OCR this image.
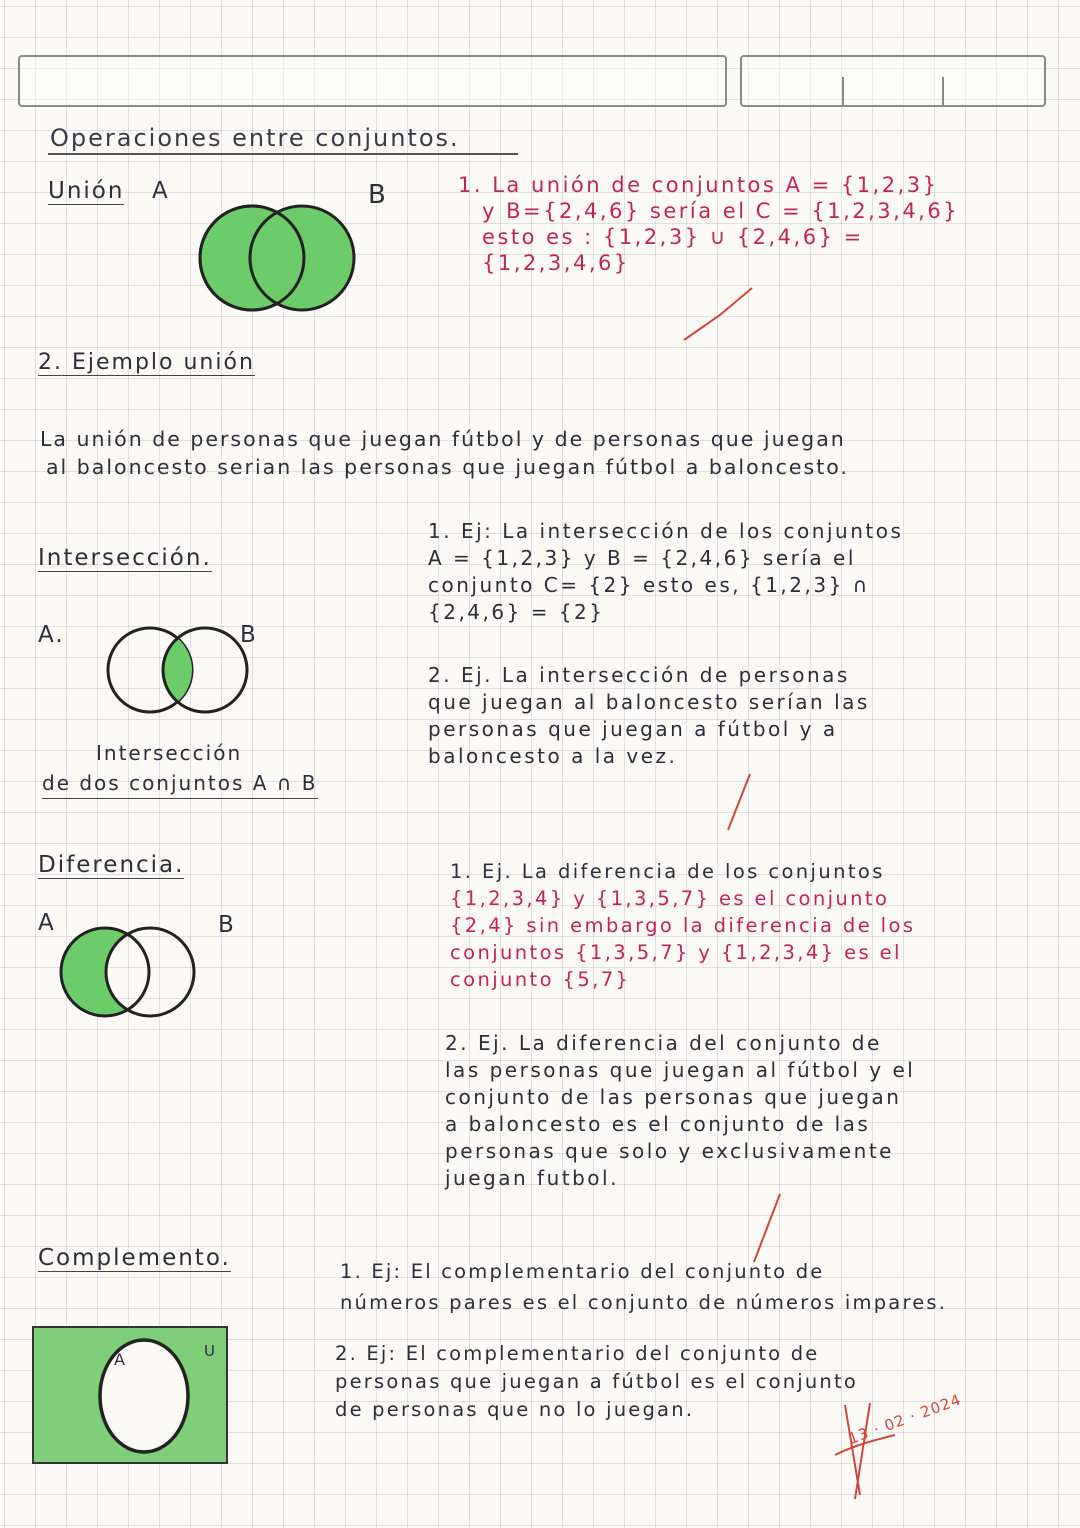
Operaciones entre conjuntos.
Unión A	B	1. La unión de conjuntos A = {1,2,3}
y B={2,4,6} sería el C = {1,2,3,4,6}
esto es : {1,2,3} ∪ {2,4,6} =
{1,2,3,4,6}
2. Ejemplo unión
La unión de personas que juegan fútbol y de personas que juegan
al baloncesto serian las personas que juegan fútbol a baloncesto.
Intersección.
A.	B
Intersección
de dos conjuntos A ∩ B
1. Ej: La intersección de los conjuntos
A = {1,2,3} y B = {2,4,6} sería el
conjunto C= {2} esto es, {1,2,3} ∩
{2,4,6} = {2}
2. Ej. La intersección de personas
que juegan al baloncesto serían las
personas que juegan a fútbol y a
baloncesto a la vez.
Diferencia.
A	B
1. Ej. La diferencia de los conjuntos
{1,2,3,4} y {1,3,5,7} es el conjunto
{2,4} sin embargo la diferencia de los
conjuntos {1,3,5,7} y {1,2,3,4} es el
conjunto {5,7}
2. Ej. La diferencia del conjunto de
las personas que juegan al fútbol y el
conjunto de las personas que juegan
a baloncesto es el conjunto de las
personas que solo y exclusivamente
juegan futbol.
Complemento.
A	U
1. Ej: El complementario del conjunto de
números pares es el conjunto de números impares.
2. Ej: El complementario del conjunto de
personas que juegan a fútbol es el conjunto
de personas que no lo juegan.	13 · 02 · 2024
